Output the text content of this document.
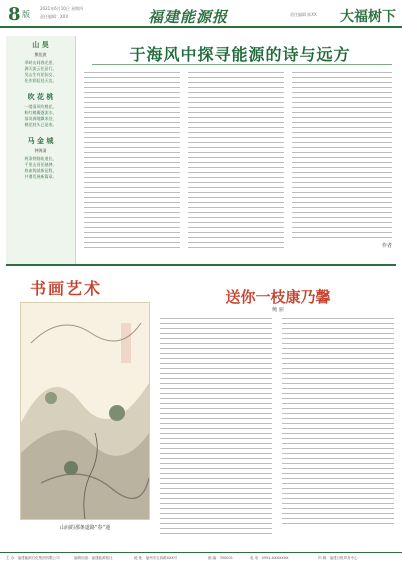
8 版
2021年6月10日 星期四
责任编辑：XXX	福建能源报	责任编辑 陈XX 大福树下
山 昊
熊佳波
翠岭山间春光里，
满天流云任意行。
昊山生有花仙女，
化作彩虹挂天边。
吹 花 桃
一缕清风吹桃花，
粉红桃瓣逐流水，
落英满地飘来处，
桃花枝头已是家。
马 金 城
钟海清
两条铁路轨道长，
千里山河任驰骋，
热血铸就新征程，
共谱发展新篇章。
于海风中探寻能源的诗与远方
作者
书画艺术
山间的那条道路“春”通
送你一枝康乃馨
鲍 丽
主 办：福建能源石化集团有限公司	编辑出版：福建能源报社	地 址：福州市五四路XXX号	邮 编：350001	电 话：0591-XXXXXXX	印 刷：福建日报印务中心
